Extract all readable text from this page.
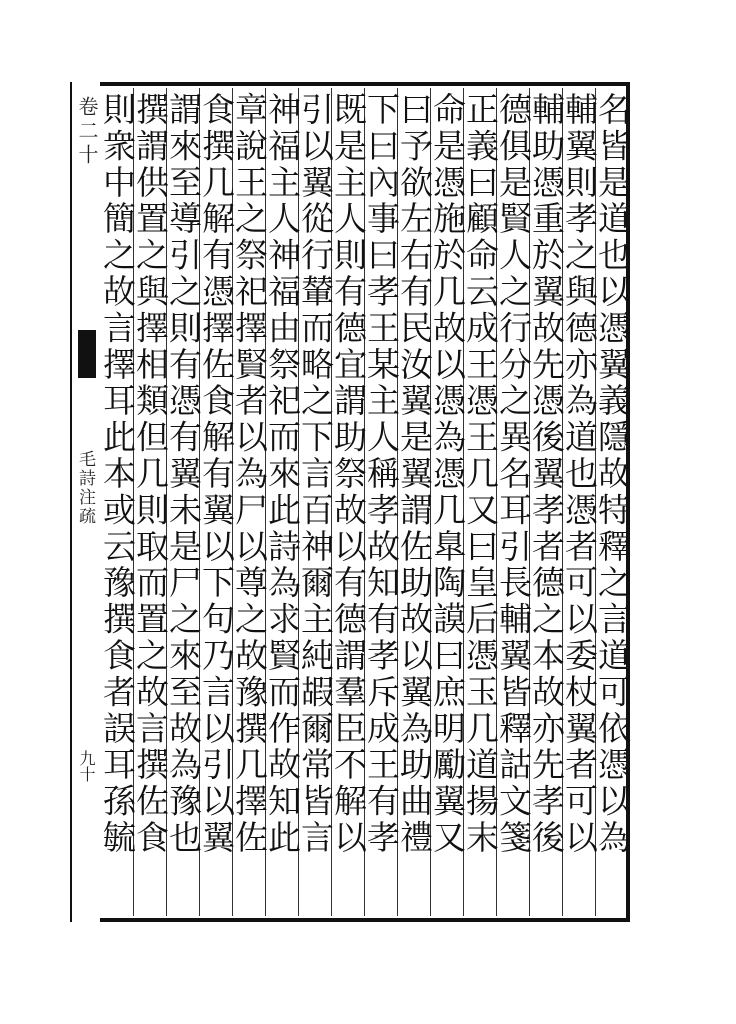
卷二十
毛詩注疏
九十	名皆是道也以憑翼義隱故特釋之言道可依憑以為
輔翼則孝之與德亦為道也憑者可以委杖翼者可以
輔助憑重於翼故先憑後翼孝者德之本故亦先孝後
德俱是賢人之行分之異名耳引長輔翼皆釋詁文箋
正義曰顧命云成王憑王几又曰皇后憑玉几道揚末
命是憑施於几故以憑為憑几臯陶謨曰庶明勵翼又
曰予欲左右有民汝翼是翼謂佐助故以翼為助曲禮
下曰內事曰孝王某主人稱孝故知有孝斥成王有孝
既是主人則有德宜謂助祭故以有德謂羣臣不解以
引以翼從行輦而略之下言百神爾主純嘏爾常皆言
神福主人神福由祭祀而來此詩為求賢而作故知此
章說王之祭祀擇賢者以為尸以尊之故豫撰几擇佐
食撰几解有憑擇佐食解有翼以下句乃言以引以翼
謂來至導引之則有憑有翼未是尸之來至故為豫也
撰謂供置之與擇相類但几則取而置之故言撰佐食
則衆中簡之故言擇耳此本或云豫撰食者誤耳孫毓
